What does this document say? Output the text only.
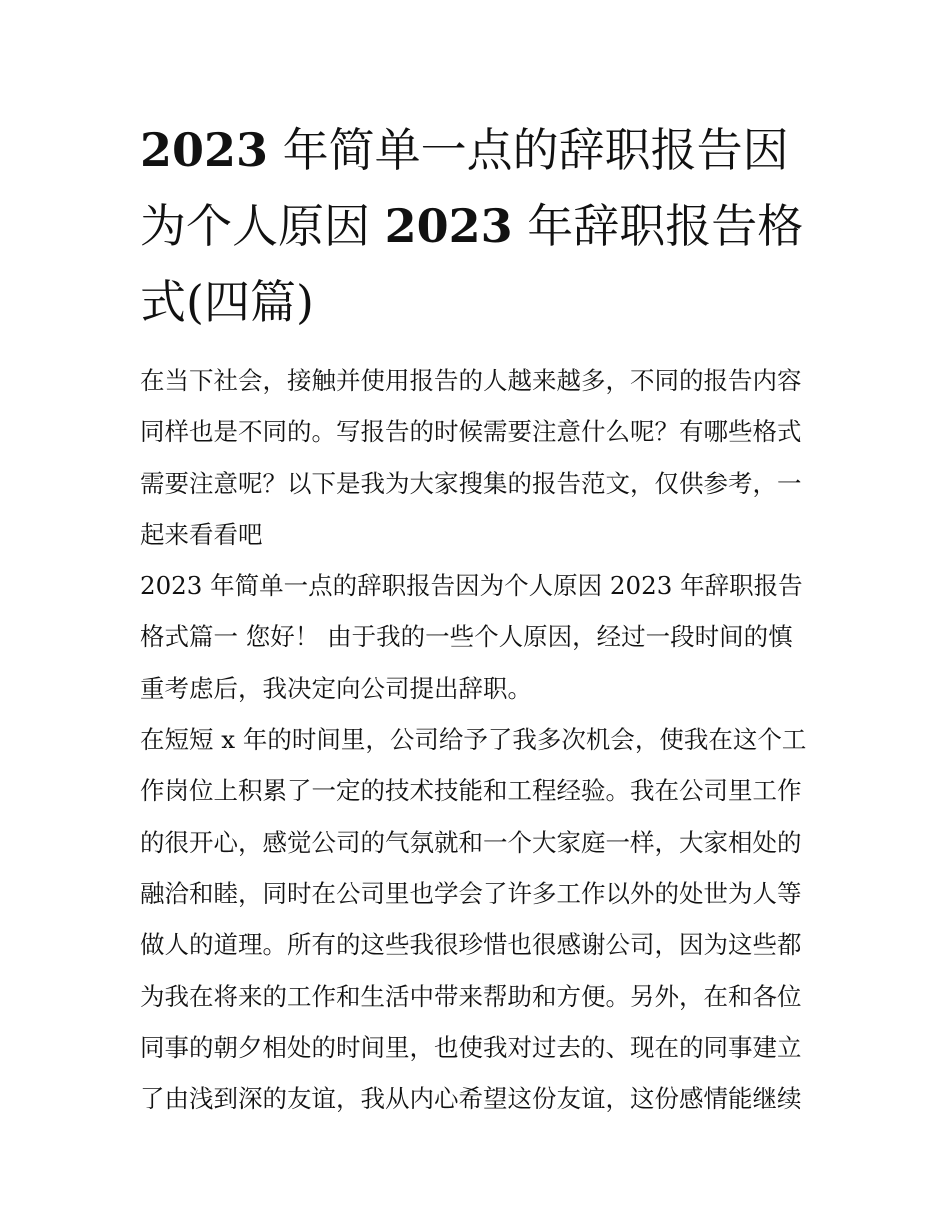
2023 年简单一点的辞职报告因为个人原因 2023 年辞职报告格式(四篇)

在当下社会，接触并使用报告的人越来越多，不同的报告内容同样也是不同的。写报告的时候需要注意什么呢？有哪些格式需要注意呢？以下是我为大家搜集的报告范文，仅供参考，一起来看看吧

2023 年简单一点的辞职报告因为个人原因 2023 年辞职报告格式篇一 您好！ 由于我的一些个人原因，经过一段时间的慎重考虑后，我决定向公司提出辞职。

在短短 x 年的时间里，公司给予了我多次机会，使我在这个工作岗位上积累了一定的技术技能和工程经验。我在公司里工作的很开心，感觉公司的气氛就和一个大家庭一样，大家相处的融洽和睦，同时在公司里也学会了许多工作以外的处世为人等做人的道理。所有的这些我很珍惜也很感谢公司，因为这些都为我在将来的工作和生活中带来帮助和方便。另外，在和各位同事的朝夕相处的时间里，也使我对过去的、现在的同事建立了由浅到深的友谊，我从内心希望这份友谊，这份感情能继续
